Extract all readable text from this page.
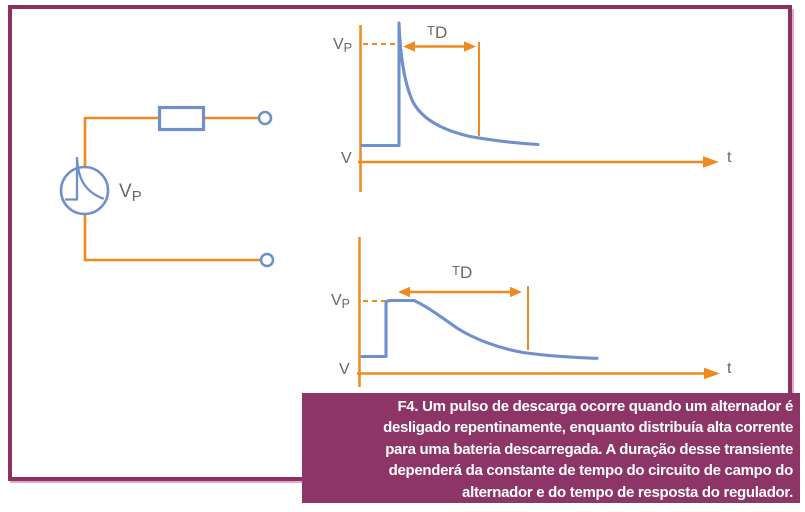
$V_P$
VP
V	t
TD
VP
V	t
TD
F4. Um pulso de descarga ocorre quando um alternador é
desligado repentinamente, enquanto distribuía alta corrente
para uma bateria descarregada. A duração desse transiente
dependerá da constante de tempo do circuito de campo do
alternador e do tempo de resposta do regulador.
